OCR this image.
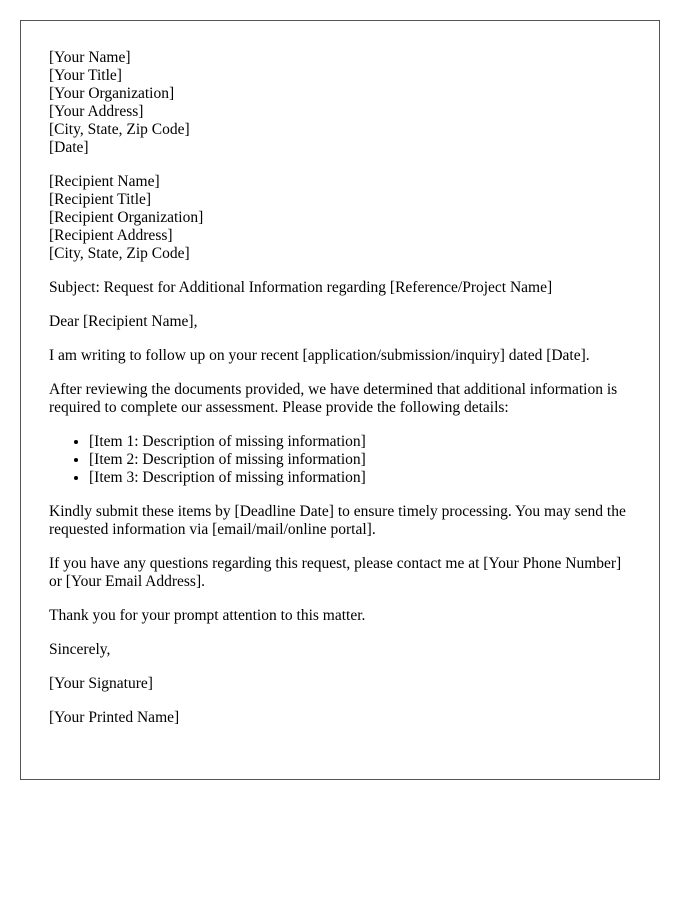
[Your Name]
[Your Title]
[Your Organization]
[Your Address]
[City, State, Zip Code]
[Date]
[Recipient Name]
[Recipient Title]
[Recipient Organization]
[Recipient Address]
[City, State, Zip Code]

Subject: Request for Additional Information regarding [Reference/Project Name]

Dear [Recipient Name],

I am writing to follow up on your recent [application/submission/inquiry] dated [Date].

After reviewing the documents provided, we have determined that additional information is required to complete our assessment. Please provide the following details:

• [Item 1: Description of missing information]
• [Item 2: Description of missing information]
• [Item 3: Description of missing information]

Kindly submit these items by [Deadline Date] to ensure timely processing. You may send the requested information via [email/mail/online portal].

If you have any questions regarding this request, please contact me at [Your Phone Number] or [Your Email Address].

Thank you for your prompt attention to this matter.

Sincerely,

[Your Signature]

[Your Printed Name]
